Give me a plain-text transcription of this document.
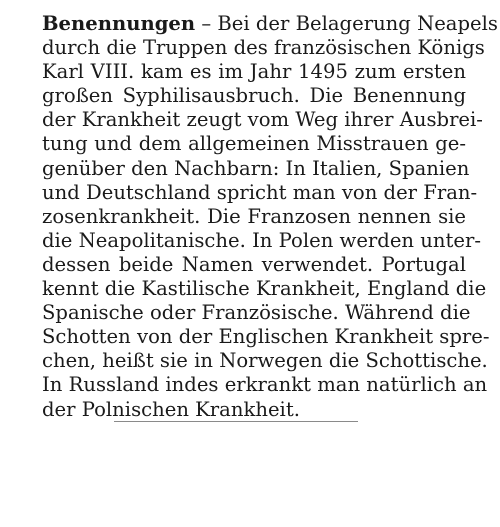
Benennungen – Bei der Belagerung Neapels
durch die Truppen des französischen Königs
Karl VIII. kam es im Jahr 1495 zum ersten
großen Syphilisausbruch. Die Benennung
der Krankheit zeugt vom Weg ihrer Ausbrei-
tung und dem allgemeinen Misstrauen ge-
genüber den Nachbarn: In Italien, Spanien
und Deutschland spricht man von der Fran-
zosenkrankheit. Die Franzosen nennen sie
die Neapolitanische. In Polen werden unter-
dessen beide Namen verwendet. Portugal
kennt die Kastilische Krankheit, England die
Spanische oder Französische. Während die
Schotten von der Englischen Krankheit spre-
chen, heißt sie in Norwegen die Schottische.
In Russland indes erkrankt man natürlich an
der Polnischen Krankheit.
